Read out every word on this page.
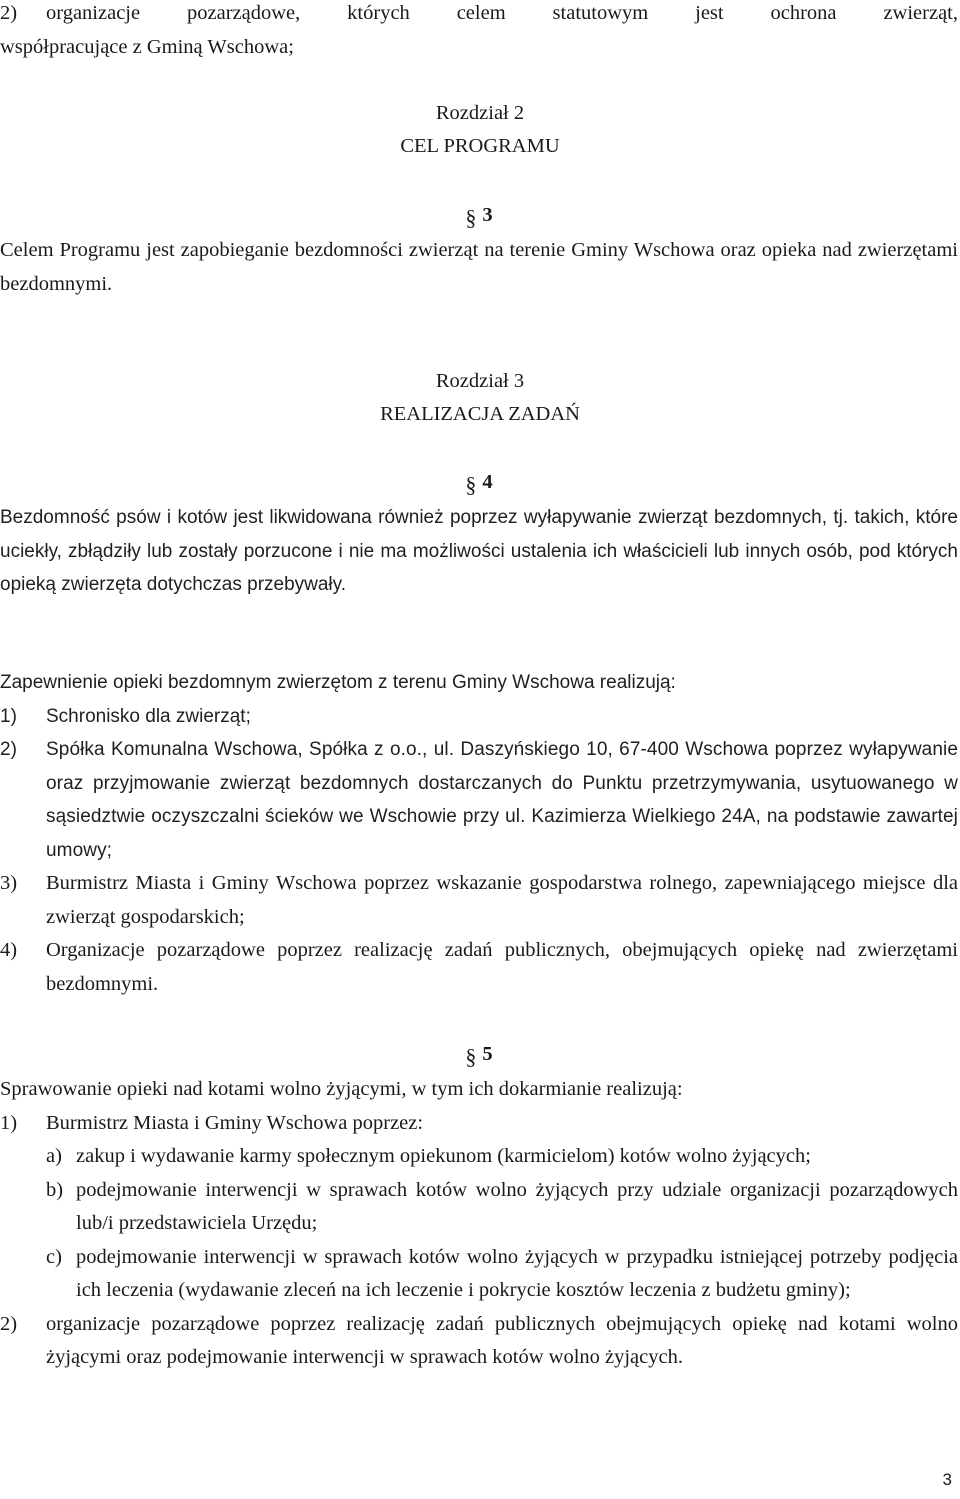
2)	organizacje pozarządowe, których celem statutowym jest ochrona zwierząt,
współpracujące z Gminą Wschowa;
Rozdział 2
CEL PROGRAMU
§ 3

Celem Programu jest zapobieganie bezdomności zwierząt na terenie Gminy Wschowa oraz opieka nad zwierzętami bezdomnymi.

Rozdział 3
REALIZACJA ZADAŃ
§ 4

Bezdomność psów i kotów jest likwidowana również poprzez wyłapywanie zwierząt bezdomnych, tj. takich, które uciekły, zbłądziły lub zostały porzucone i nie ma możliwości ustalenia ich właścicieli lub innych osób, pod których opieką zwierzęta dotychczas przebywały.

Zapewnienie opieki bezdomnym zwierzętom z terenu Gminy Wschowa realizują:

1) Schronisko dla zwierząt;
2) Spółka Komunalna Wschowa, Spółka z o.o., ul. Daszyńskiego 10, 67-400 Wschowa poprzez wyłapywanie oraz przyjmowanie zwierząt bezdomnych dostarczanych do Punktu przetrzymywania, usytuowanego w sąsiedztwie oczyszczalni ścieków we Wschowie przy ul. Kazimierza Wielkiego 24A, na podstawie zawartej umowy;
3) Burmistrz Miasta i Gminy Wschowa poprzez wskazanie gospodarstwa rolnego, zapewniającego miejsce dla zwierząt gospodarskich;
4) Organizacje pozarządowe poprzez realizację zadań publicznych, obejmujących opiekę nad zwierzętami bezdomnymi.
§ 5

Sprawowanie opieki nad kotami wolno żyjącymi, w tym ich dokarmianie realizują:

1) Burmistrz Miasta i Gminy Wschowa poprzez:
a) zakup i wydawanie karmy społecznym opiekunom (karmicielom) kotów wolno żyjących;
b) podejmowanie interwencji w sprawach kotów wolno żyjących przy udziale organizacji pozarządowych lub/i przedstawiciela Urzędu;
c) podejmowanie interwencji w sprawach kotów wolno żyjących w przypadku istniejącej potrzeby podjęcia ich leczenia (wydawanie zleceń na ich leczenie i pokrycie kosztów leczenia z budżetu gminy);
2) organizacje pozarządowe poprzez realizację zadań publicznych obejmujących opiekę nad kotami wolno żyjącymi oraz podejmowanie interwencji w sprawach kotów wolno żyjących.
3
